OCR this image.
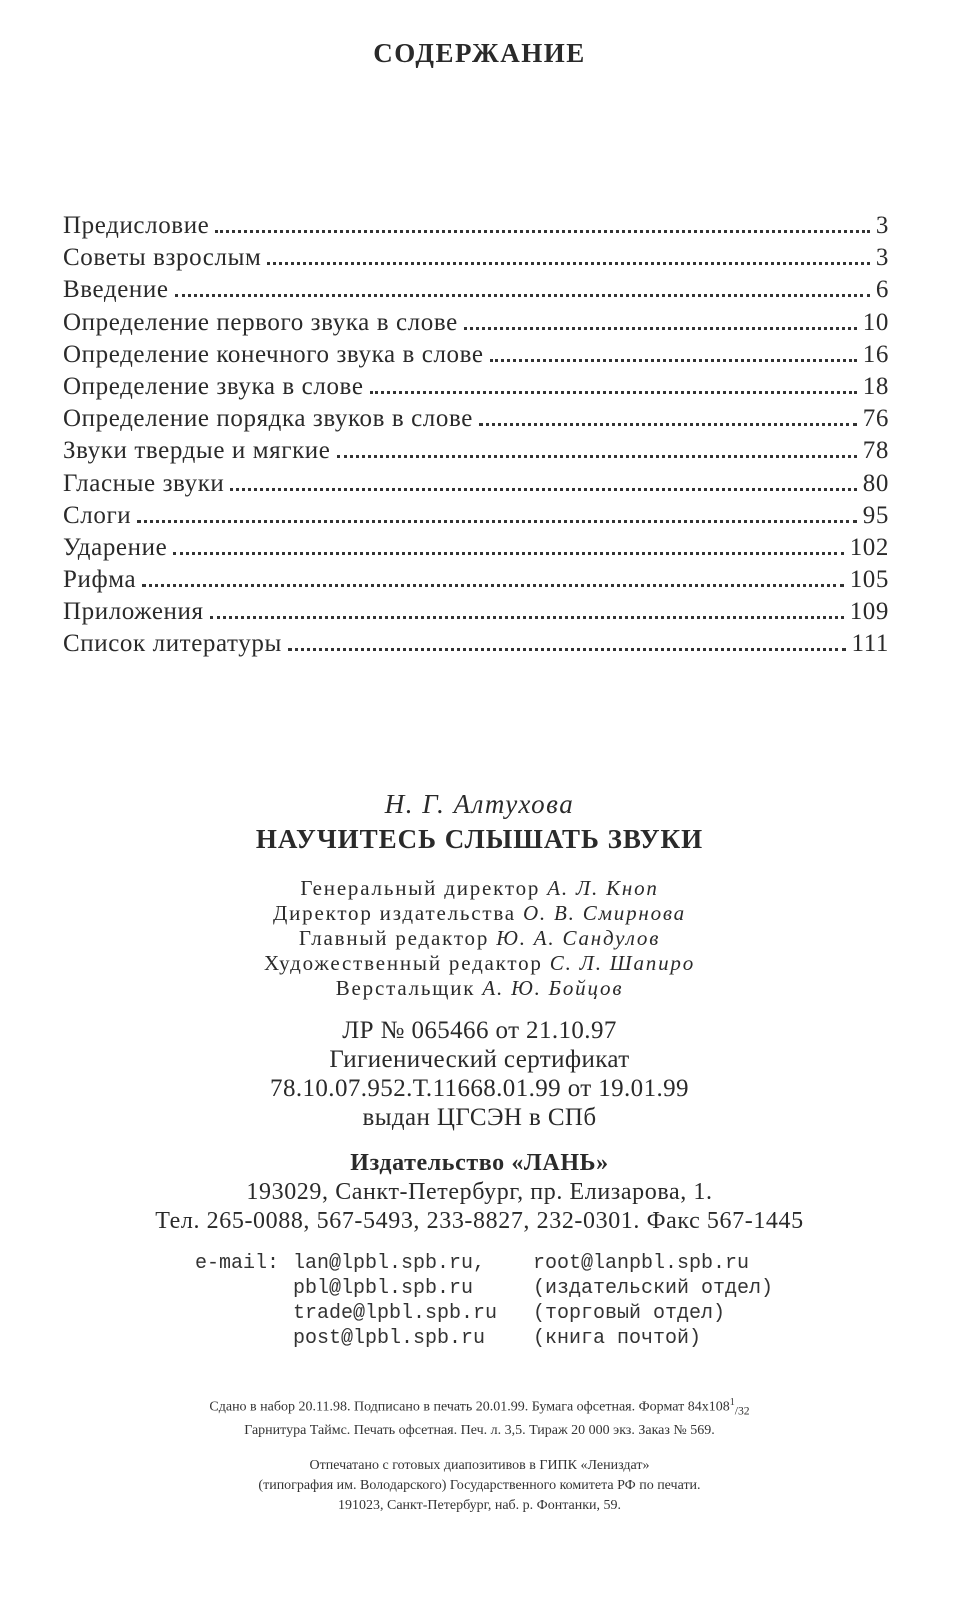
СОДЕРЖАНИЕ
Предисловие	3
Советы взрослым	3
Введение	6
Определение первого звука в слове	10
Определение конечного звука в слове	16
Определение звука в слове	18
Определение порядка звуков в слове	76
Звуки твердые и мягкие	78
Гласные звуки	80
Слоги	95
Ударение	102
Рифма	105
Приложения	109
Список литературы	111
Н. Г. Алтухова
НАУЧИТЕСЬ СЛЫШАТЬ ЗВУКИ
Генеральный директор А. Л. Кноп
Директор издательства О. В. Смирнова
Главный редактор Ю. А. Сандулов
Художественный редактор С. Л. Шапиро
Верстальщик А. Ю. Бойцов
ЛР № 065466 от 21.10.97
Гигиенический сертификат
78.10.07.952.Т.11668.01.99 от 19.01.99
выдан ЦГСЭН в СПб
Издательство «ЛАНЬ»
193029, Санкт-Петербург, пр. Елизарова, 1.
Тел. 265-0088, 567-5493, 233-8827, 232-0301. Факс 567-1445
e-mail: lan@lpbl.spb.ru,	root@lanpbl.spb.ru
pbl@lpbl.spb.ru	(издательский отдел)
trade@lpbl.spb.ru	(торговый отдел)
post@lpbl.spb.ru	(книга почтой)
Сдано в набор 20.11.98. Подписано в печать 20.01.99. Бумага офсетная. Формат $84х108^1_{/32}$
Гарнитура Таймс. Печать офсетная. Печ. л. 3,5. Тираж 20 000 экз. Заказ № 569.
Отпечатано с готовых диапозитивов в ГИПК «Лениздат»
(типография им. Володарского) Государственного комитета РФ по печати.
191023, Санкт-Петербург, наб. р. Фонтанки, 59.
